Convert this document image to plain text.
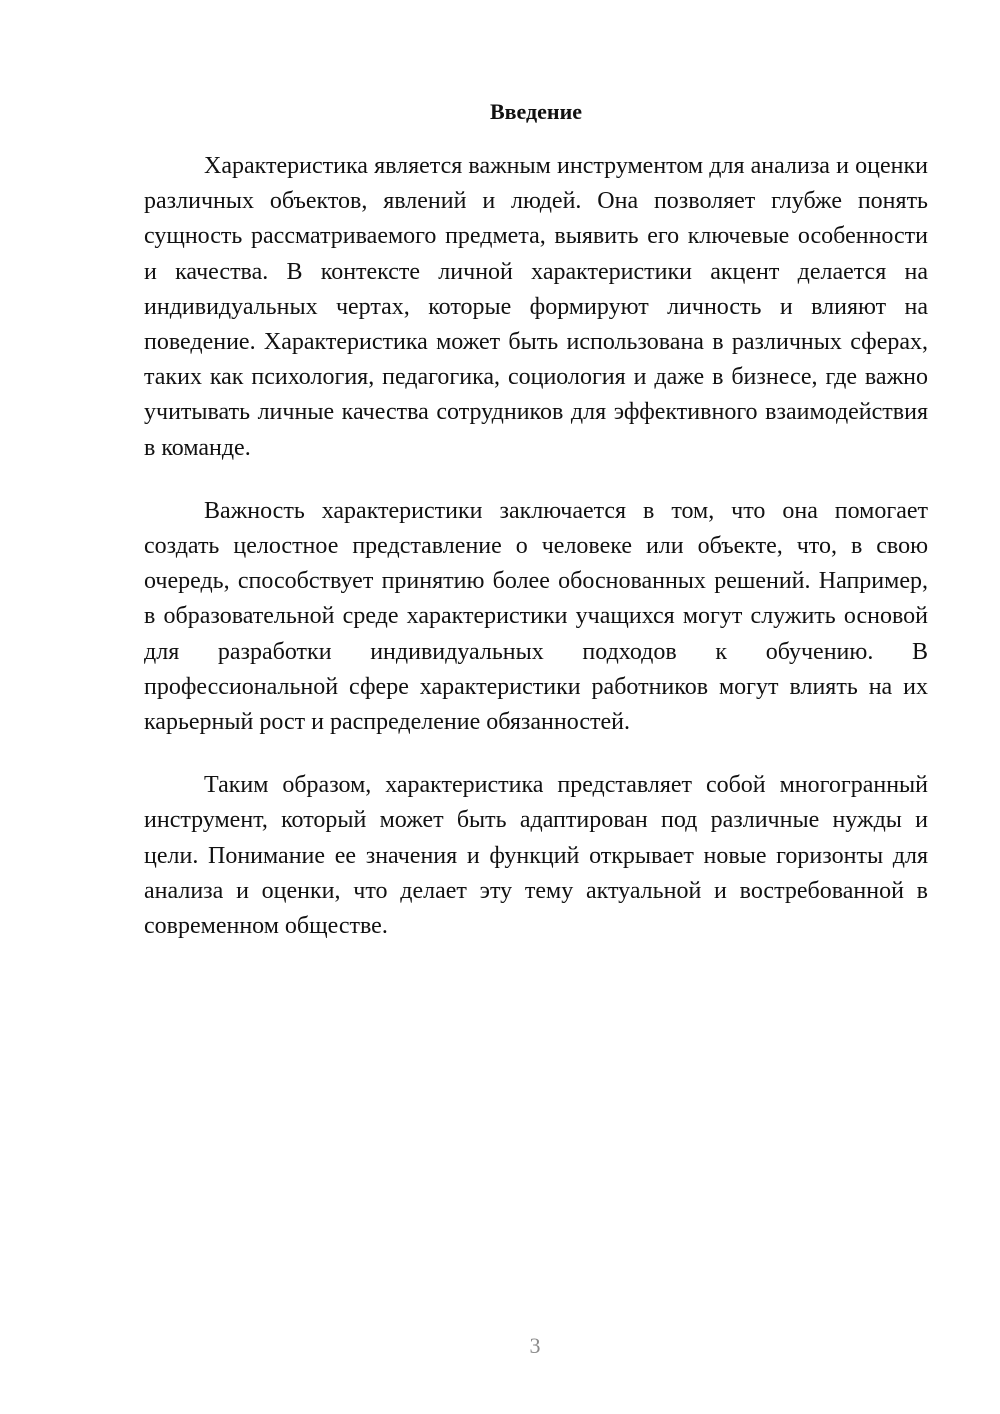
Введение

Характеристика является важным инструментом для анализа и оценки различных объектов, явлений и людей. Она позволяет глубже понять сущность рассматриваемого предмета, выявить его ключевые особенности и качества. В контексте личной характеристики акцент делается на индивидуальных чертах, которые формируют личность и влияют на поведение. Характеристика может быть использована в различных сферах, таких как психология, педагогика, социология и даже в бизнесе, где важно учитывать личные качества сотрудников для эффективного взаимодействия в команде.

Важность характеристики заключается в том, что она помогает создать целостное представление о человеке или объекте, что, в свою очередь, способствует принятию более обоснованных решений. Например, в образовательной среде характеристики учащихся могут служить основой для разработки индивидуальных подходов к обучению. В профессиональной сфере характеристики работников могут влиять на их карьерный рост и распределение обязанностей.

Таким образом, характеристика представляет собой многогранный инструмент, который может быть адаптирован под различные нужды и цели. Понимание ее значения и функций открывает новые горизонты для анализа и оценки, что делает эту тему актуальной и востребованной в современном обществе.

3
